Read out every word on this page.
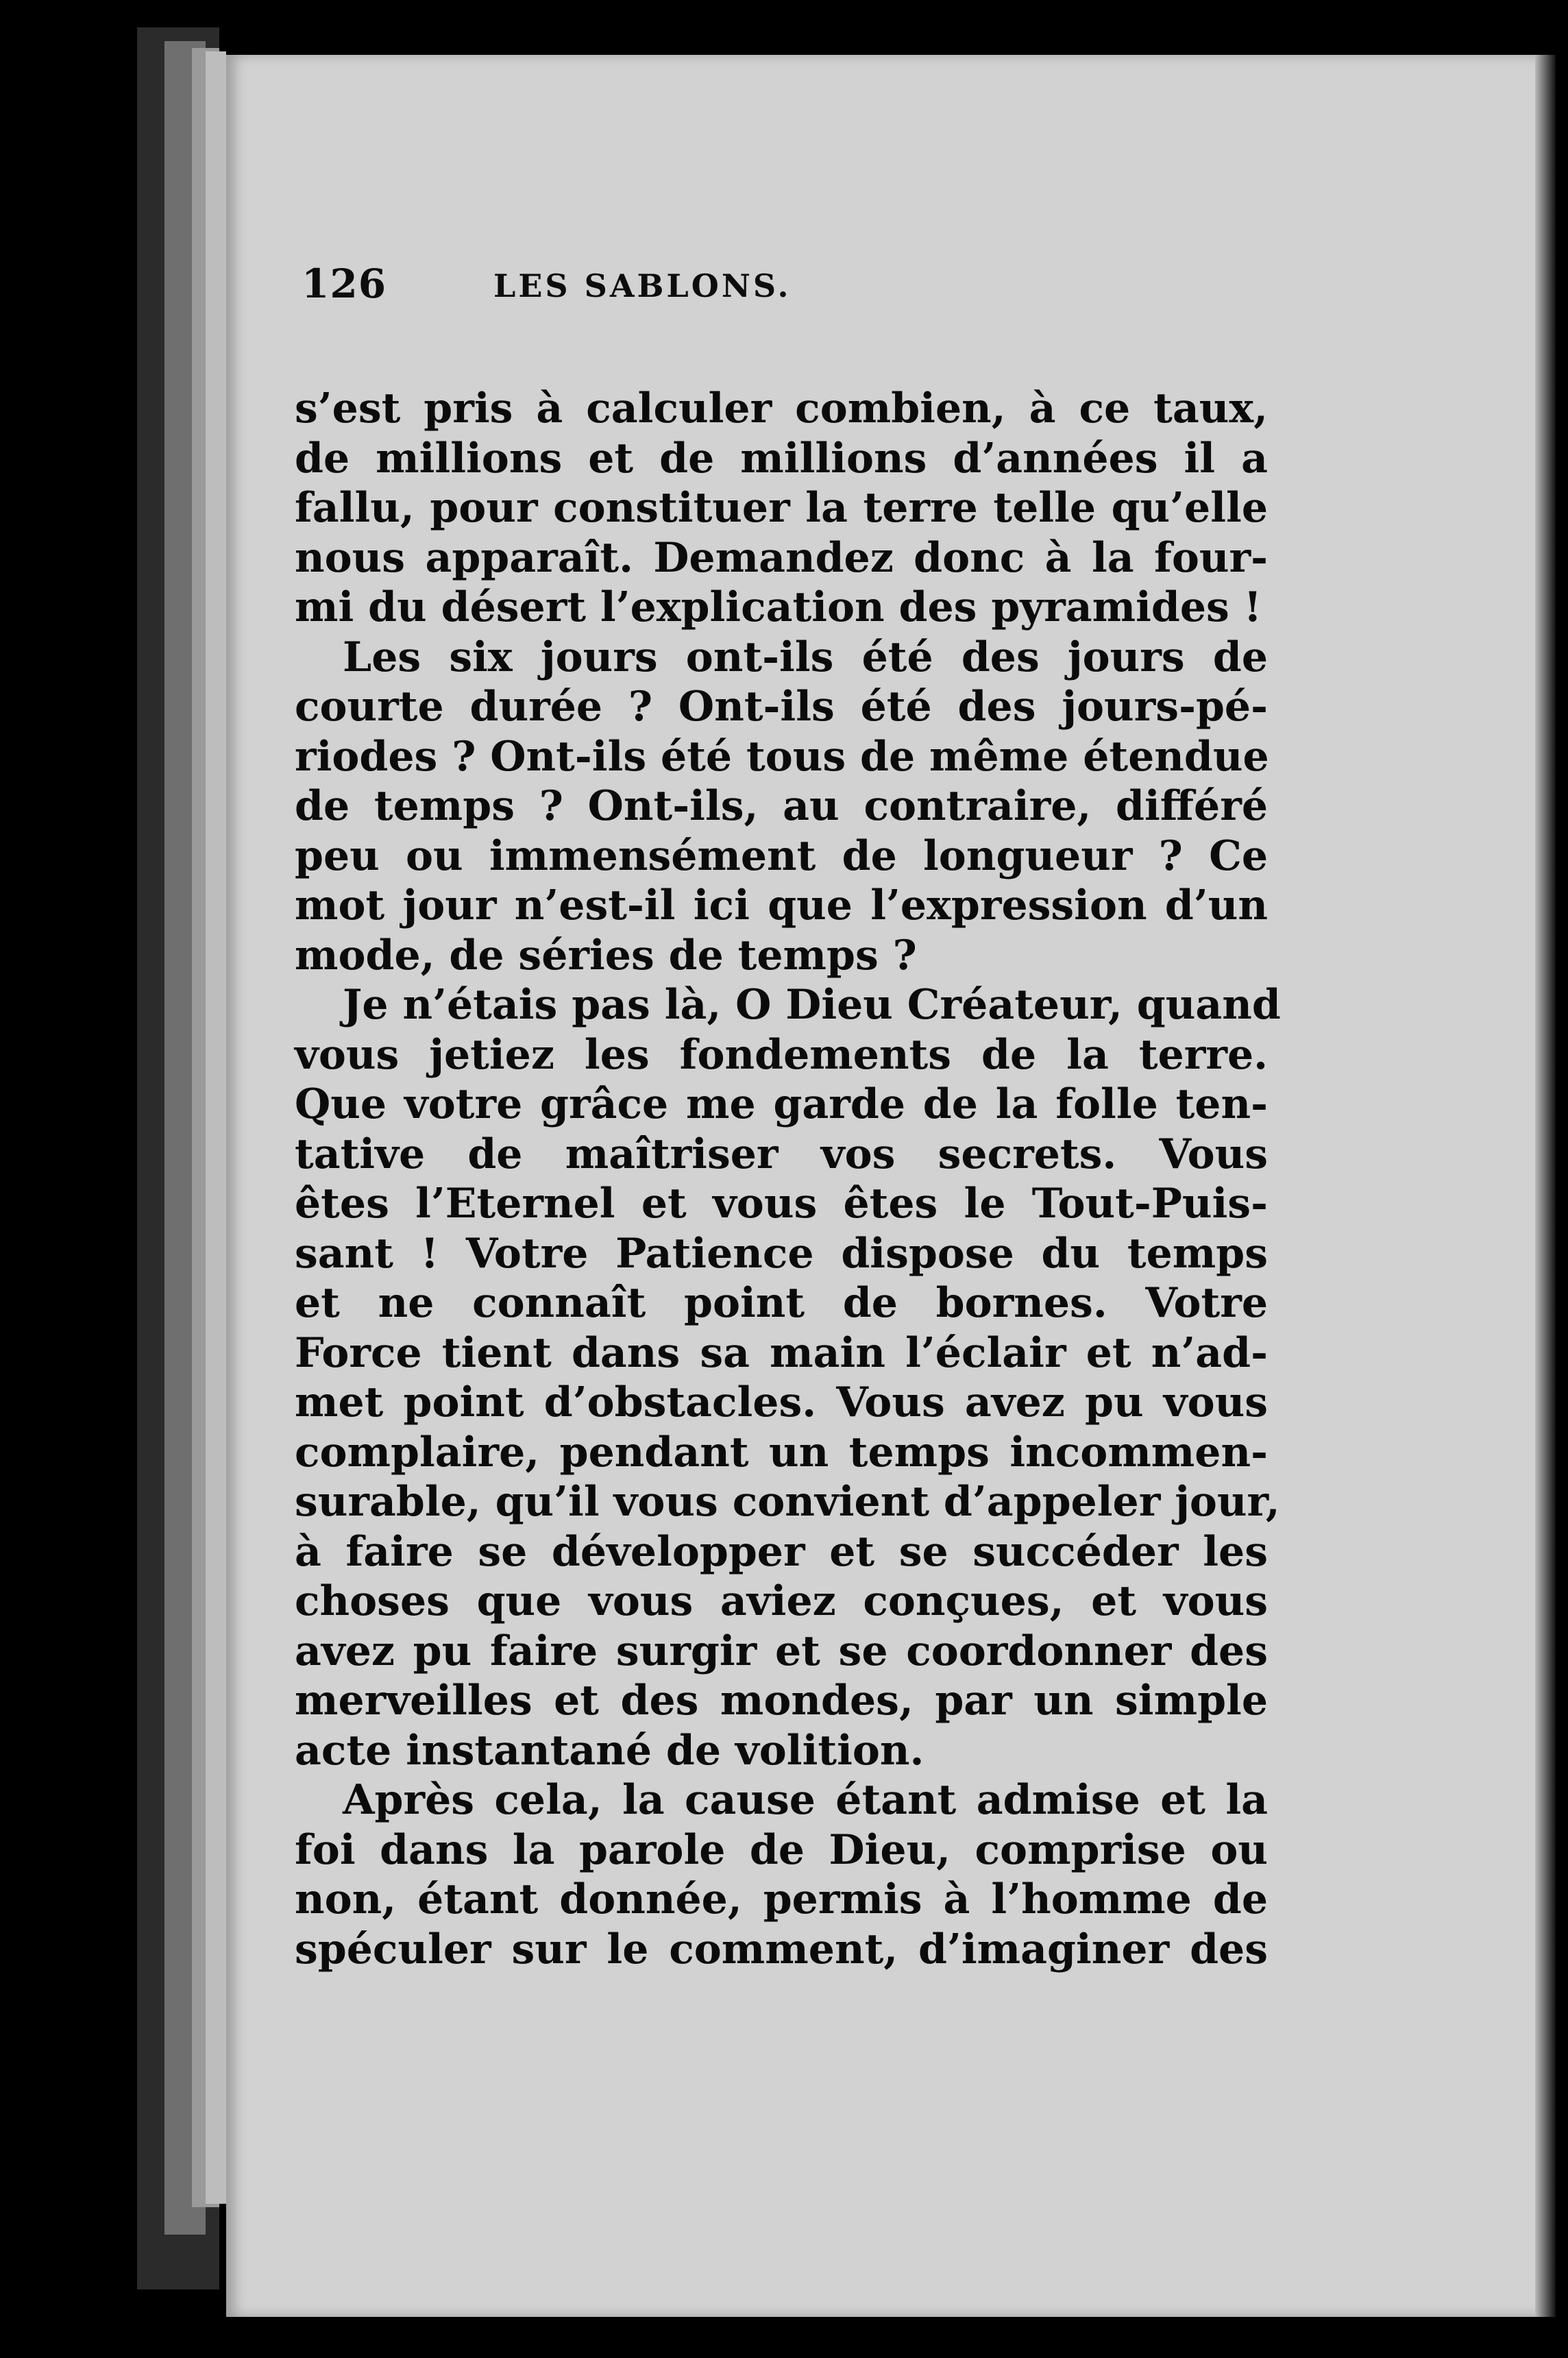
126	LES SABLONS.
s’est pris à calculer combien, à ce taux,
de millions et de millions d’années il a
fallu, pour constituer la terre telle qu’elle
nous apparaît. Demandez donc à la four-
mi du désert l’explication des pyramides !
Les six jours ont-ils été des jours de
courte durée ? Ont-ils été des jours-pé-
riodes ? Ont-ils été tous de même étendue
de temps ? Ont-ils, au contraire, différé
peu ou immensément de longueur ? Ce
mot jour n’est-il ici que l’expression d’un
mode, de séries de temps ?
Je n’étais pas là, O Dieu Créateur, quand
vous jetiez les fondements de la terre.
Que votre grâce me garde de la folle ten-
tative de maîtriser vos secrets. Vous
êtes l’Eternel et vous êtes le Tout-Puis-
sant ! Votre Patience dispose du temps
et ne connaît point de bornes. Votre
Force tient dans sa main l’éclair et n’ad-
met point d’obstacles. Vous avez pu vous
complaire, pendant un temps incommen-
surable, qu’il vous convient d’appeler jour,
à faire se développer et se succéder les
choses que vous aviez conçues, et vous
avez pu faire surgir et se coordonner des
merveilles et des mondes, par un simple
acte instantané de volition.
Après cela, la cause étant admise et la
foi dans la parole de Dieu, comprise ou
non, étant donnée, permis à l’homme de
spéculer sur le comment, d’imaginer des
